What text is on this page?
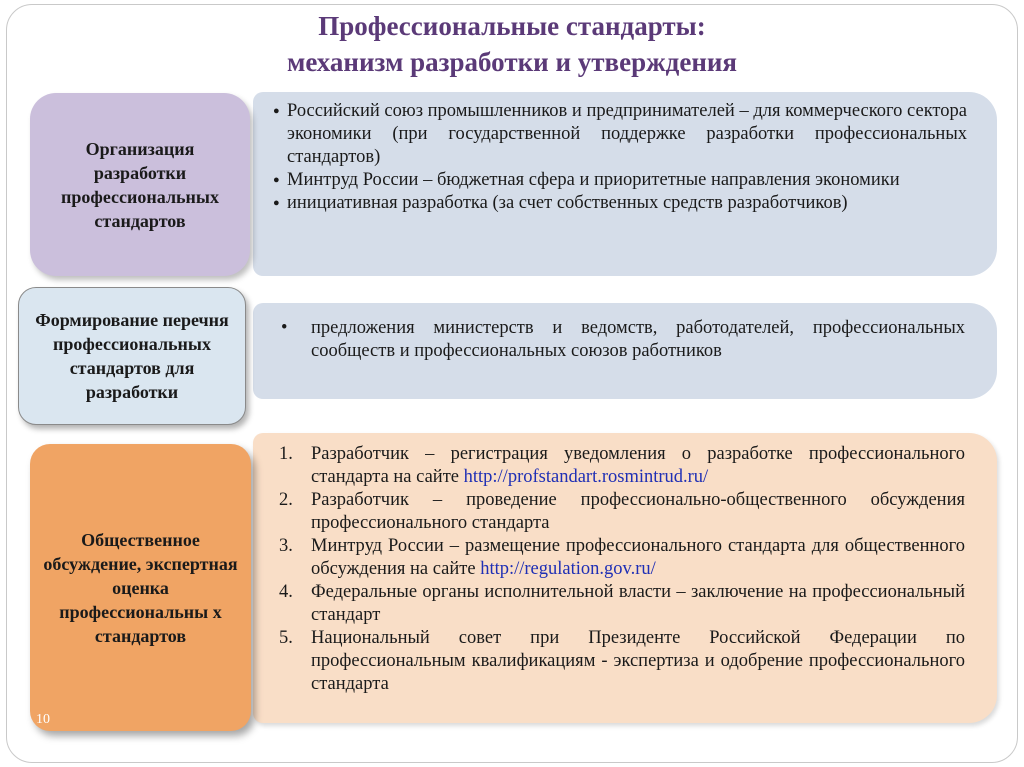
Профессиональные стандарты:
механизм разработки и утверждения
● Российский союз промышленников и предпринимателей – для коммерческого сектора экономики (при государственной поддержке разработки профессиональных стандартов)
● Минтруд России – бюджетная сфера и приоритетные направления экономики
● инициативная разработка (за счет собственных средств разработчиков)
Организация разработки профессиональных стандартов
• предложения министерств и ведомств, работодателей, профессиональных сообществ и профессиональных союзов работников
Формирование перечня профессиональных стандартов для разработки
1. Разработчик – регистрация уведомления о разработке профессионального стандарта на сайте http://profstandart.rosmintrud.ru/
2. Разработчик – проведение профессионально-общественного обсуждения профессионального стандарта
3. Минтруд России – размещение профессионального стандарта для общественного обсуждения на сайте http://regulation.gov.ru/
4. Федеральные органы исполнительной власти – заключение на профессиональный стандарт
5. Национальный совет при Президенте Российской Федерации по профессиональным квалификациям - экспертиза и одобрение профессионального стандарта
Общественное обсуждение, экспертная оценка профессиональны х стандартов
10
